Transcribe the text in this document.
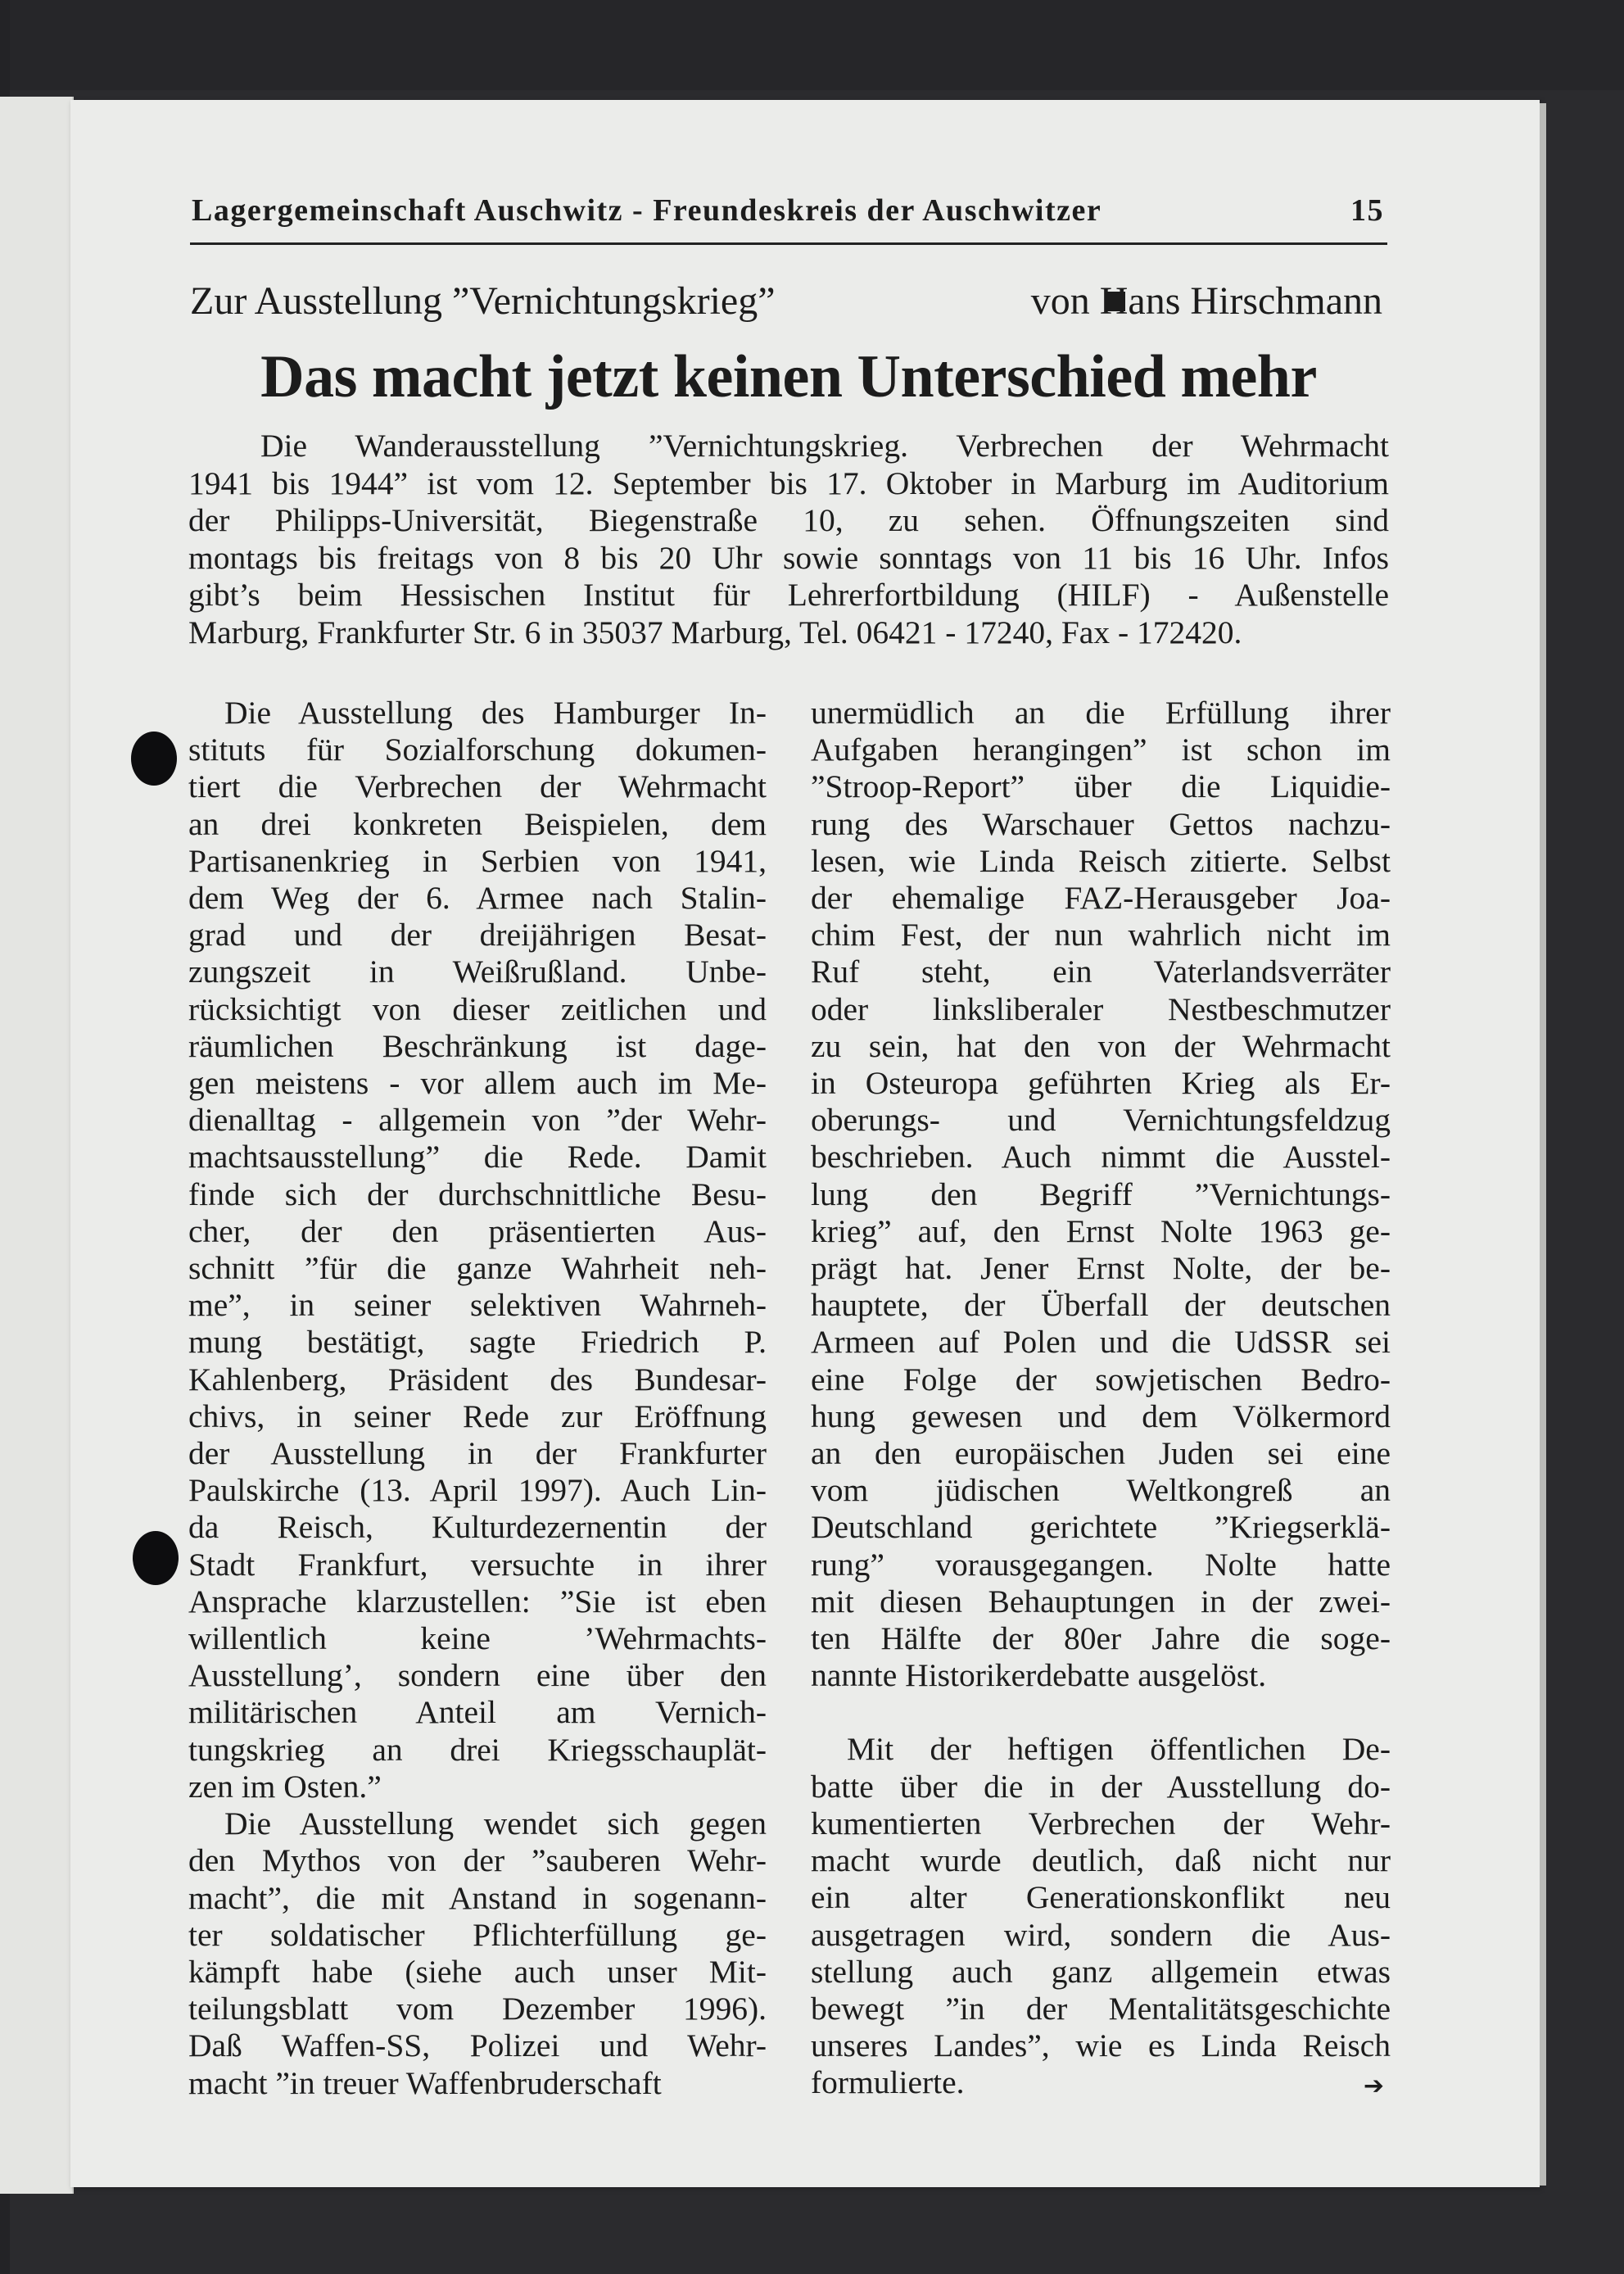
Lagergemeinschaft Auschwitz - Freundeskreis der Auschwitzer	15
Zur Ausstellung ”Vernichtungskrieg”	von Hans Hirschmann
Das macht jetzt keinen Unterschied mehr
Die Wanderausstellung ”Vernichtungskrieg. Verbrechen der Wehrmacht
1941 bis 1944” ist vom 12. September bis 17. Oktober in Marburg im Auditorium
der Philipps-Universität, Biegenstraße 10, zu sehen. Öffnungszeiten sind
montags bis freitags von 8 bis 20 Uhr sowie sonntags von 11 bis 16 Uhr. Infos
gibt’s beim Hessischen Institut für Lehrerfortbildung (HILF) - Außenstelle
Marburg, Frankfurter Str. 6 in 35037 Marburg, Tel. 06421 - 17240, Fax - 172420.
Die Ausstellung des Hamburger In-
stituts für Sozialforschung dokumen-
tiert die Verbrechen der Wehrmacht
an drei konkreten Beispielen, dem
Partisanenkrieg in Serbien von 1941,
dem Weg der 6. Armee nach Stalin-
grad und der dreijährigen Besat-
zungszeit in Weißrußland. Unbe-
rücksichtigt von dieser zeitlichen und
räumlichen Beschränkung ist dage-
gen meistens - vor allem auch im Me-
dienalltag - allgemein von ”der Wehr-
machtsausstellung” die Rede. Damit
finde sich der durchschnittliche Besu-
cher, der den präsentierten Aus-
schnitt ”für die ganze Wahrheit neh-
me”, in seiner selektiven Wahrneh-
mung bestätigt, sagte Friedrich P.
Kahlenberg, Präsident des Bundesar-
chivs, in seiner Rede zur Eröffnung
der Ausstellung in der Frankfurter
Paulskirche (13. April 1997). Auch Lin-
da Reisch, Kulturdezernentin der
Stadt Frankfurt, versuchte in ihrer
Ansprache klarzustellen: ”Sie ist eben
willentlich keine ’Wehrmachts-
Ausstellung’, sondern eine über den
militärischen Anteil am Vernich-
tungskrieg an drei Kriegsschauplät-
zen im Osten.”
Die Ausstellung wendet sich gegen
den Mythos von der ”sauberen Wehr-
macht”, die mit Anstand in sogenann-
ter soldatischer Pflichterfüllung ge-
kämpft habe (siehe auch unser Mit-
teilungsblatt vom Dezember 1996).
Daß Waffen-SS, Polizei und Wehr-
macht ”in treuer Waffenbruderschaft
unermüdlich an die Erfüllung ihrer
Aufgaben herangingen” ist schon im
”Stroop-Report” über die Liquidie-
rung des Warschauer Gettos nachzu-
lesen, wie Linda Reisch zitierte. Selbst
der ehemalige FAZ-Herausgeber Joa-
chim Fest, der nun wahrlich nicht im
Ruf steht, ein Vaterlandsverräter
oder linksliberaler Nestbeschmutzer
zu sein, hat den von der Wehrmacht
in Osteuropa geführten Krieg als Er-
oberungs- und Vernichtungsfeldzug
beschrieben. Auch nimmt die Ausstel-
lung den Begriff ”Vernichtungs-
krieg” auf, den Ernst Nolte 1963 ge-
prägt hat. Jener Ernst Nolte, der be-
hauptete, der Überfall der deutschen
Armeen auf Polen und die UdSSR sei
eine Folge der sowjetischen Bedro-
hung gewesen und dem Völkermord
an den europäischen Juden sei eine
vom jüdischen Weltkongreß an
Deutschland gerichtete ”Kriegserklä-
rung” vorausgegangen. Nolte hatte
mit diesen Behauptungen in der zwei-
ten Hälfte der 80er Jahre die soge-
nannte Historikerdebatte ausgelöst.
Mit der heftigen öffentlichen De-
batte über die in der Ausstellung do-
kumentierten Verbrechen der Wehr-
macht wurde deutlich, daß nicht nur
ein alter Generationskonflikt neu
ausgetragen wird, sondern die Aus-
stellung auch ganz allgemein etwas
bewegt ”in der Mentalitätsgeschichte
unseres Landes”, wie es Linda Reisch
formulierte.	➔
